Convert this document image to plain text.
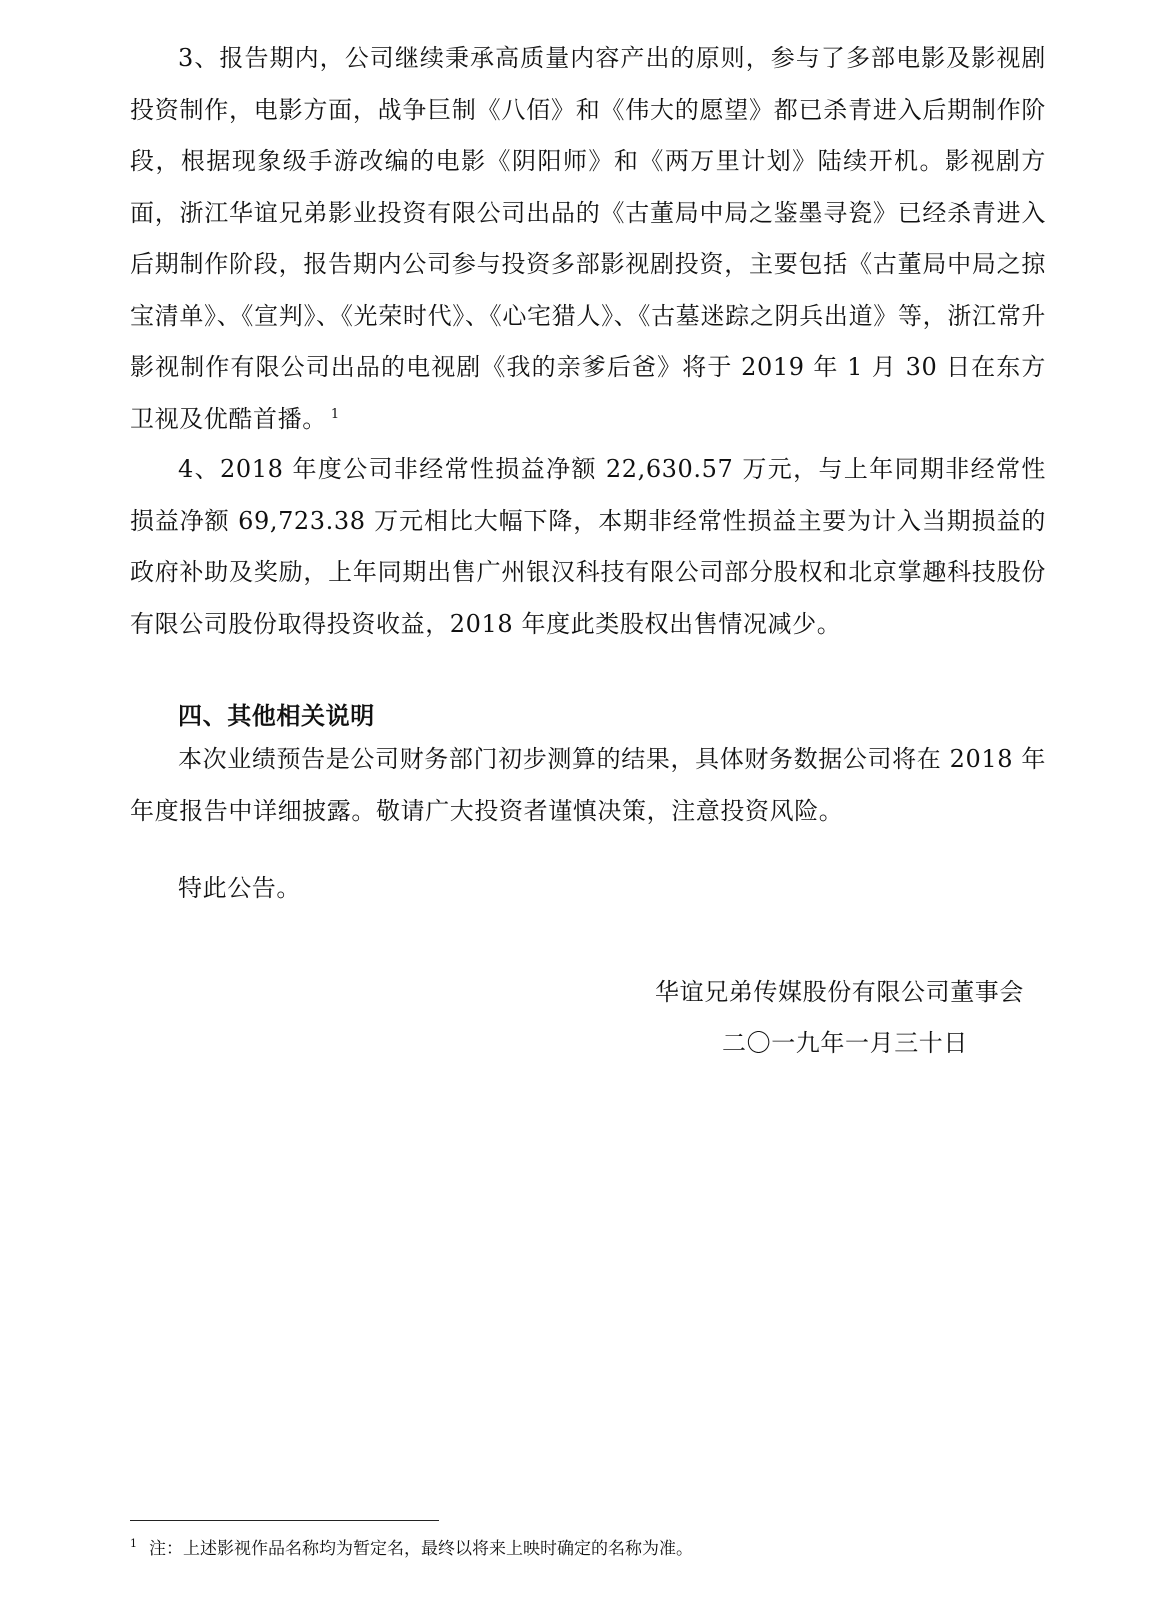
3、报告期内，公司继续秉承高质量内容产出的原则，参与了多部电影及影视剧投资制作，电影方面，战争巨制《八佰》和《伟大的愿望》都已杀青进入后期制作阶段，根据现象级手游改编的电影《阴阳师》和《两万里计划》陆续开机。影视剧方面，浙江华谊兄弟影业投资有限公司出品的《古董局中局之鉴墨寻瓷》已经杀青进入后期制作阶段，报告期内公司参与投资多部影视剧投资，主要包括《古董局中局之掠宝清单》、《宣判》、《光荣时代》、《心宅猎人》、《古墓迷踪之阴兵出道》等，浙江常升影视制作有限公司出品的电视剧《我的亲爹后爸》将于 2019 年 1 月 30 日在东方卫视及优酷首播。 $^1$

4、2018 年度公司非经常性损益净额 22,630.57 万元，与上年同期非经常性损益净额 69,723.38 万元相比大幅下降，本期非经常性损益主要为计入当期损益的政府补助及奖励，上年同期出售广州银汉科技有限公司部分股权和北京掌趣科技股份有限公司股份取得投资收益，2018 年度此类股权出售情况减少。

四、其他相关说明

本次业绩预告是公司财务部门初步测算的结果，具体财务数据公司将在 2018 年年度报告中详细披露。敬请广大投资者谨慎决策，注意投资风险。

特此公告。

华谊兄弟传媒股份有限公司董事会

二〇一九年一月三十日

$^1$ 注：上述影视作品名称均为暂定名，最终以将来上映时确定的名称为准。
